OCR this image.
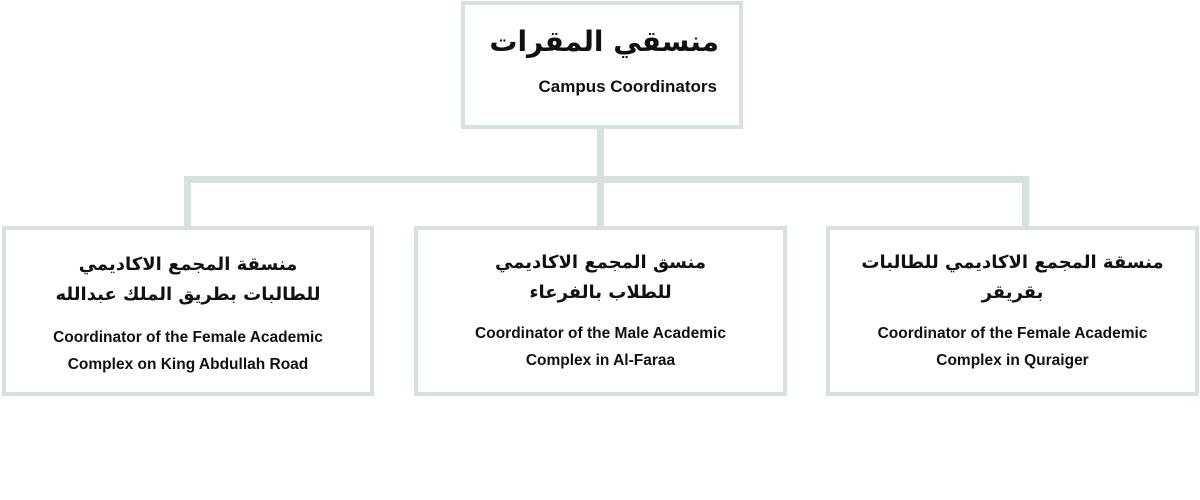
منسقي المقرات
Campus Coordinators
منسقة المجمع الاكاديمي للطالبات بطريق الملك عبدالله
Coordinator of the Female Academic Complex on King Abdullah Road
منسق المجمع الاكاديمي للطلاب بالفرعاء
Coordinator of the Male Academic Complex in Al-Faraa
منسقة المجمع الاكاديمي للطالبات بقريقر
Coordinator of the Female Academic Complex in Quraiger
